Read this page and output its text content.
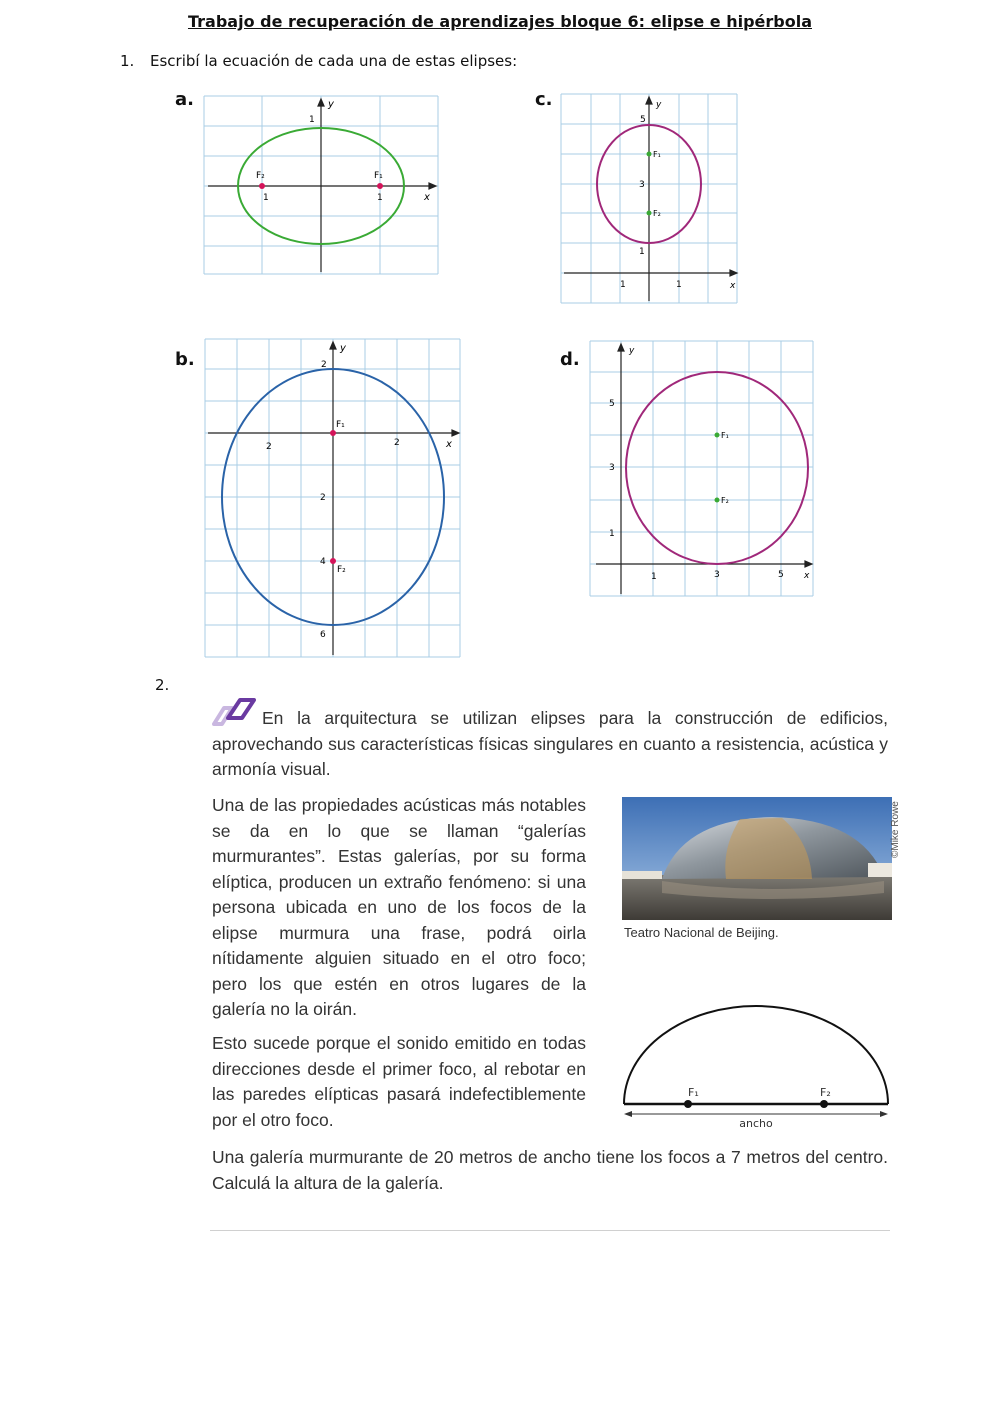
Trabajo de recuperación de aprendizajes bloque 6: elipse e hipérbola
1. Escribí la ecuación de cada una de estas elipses:
a.	y
x
1
1	1
F₁
F₂
c.	y
x
5
3
1
1	1
F₁
F₂
b.
y
x
2
2
4
6
2	2
F₁
F₂
d.	y
x
5
3
1
1	3	5
F₁
F₂
2.
En la arquitectura se utilizan elipses para la construcción de edificios, aprovechando sus características físicas singulares en cuanto a resistencia, acústica y armonía visual.
Una de las propiedades acústicas más notables se da en lo que se llaman “galerías murmurantes”. Estas galerías, por su forma elíptica, producen un extraño fenómeno: si una persona ubicada en uno de los focos de la elipse murmura una frase, podrá oirla nítidamente alguien situado en el otro foco; pero los que estén en otros lugares de la galería no la oirán.
©Mike Rowe
Teatro Nacional de Beijing.
Esto sucede porque el sonido emitido en todas direcciones desde el primer foco, al rebotar en las paredes elípticas pasará indefectiblemente por el otro foco.
F₁	F₂
ancho
Una galería murmurante de 20 metros de ancho tiene los focos a 7 metros del centro. Calculá la altura de la galería.
